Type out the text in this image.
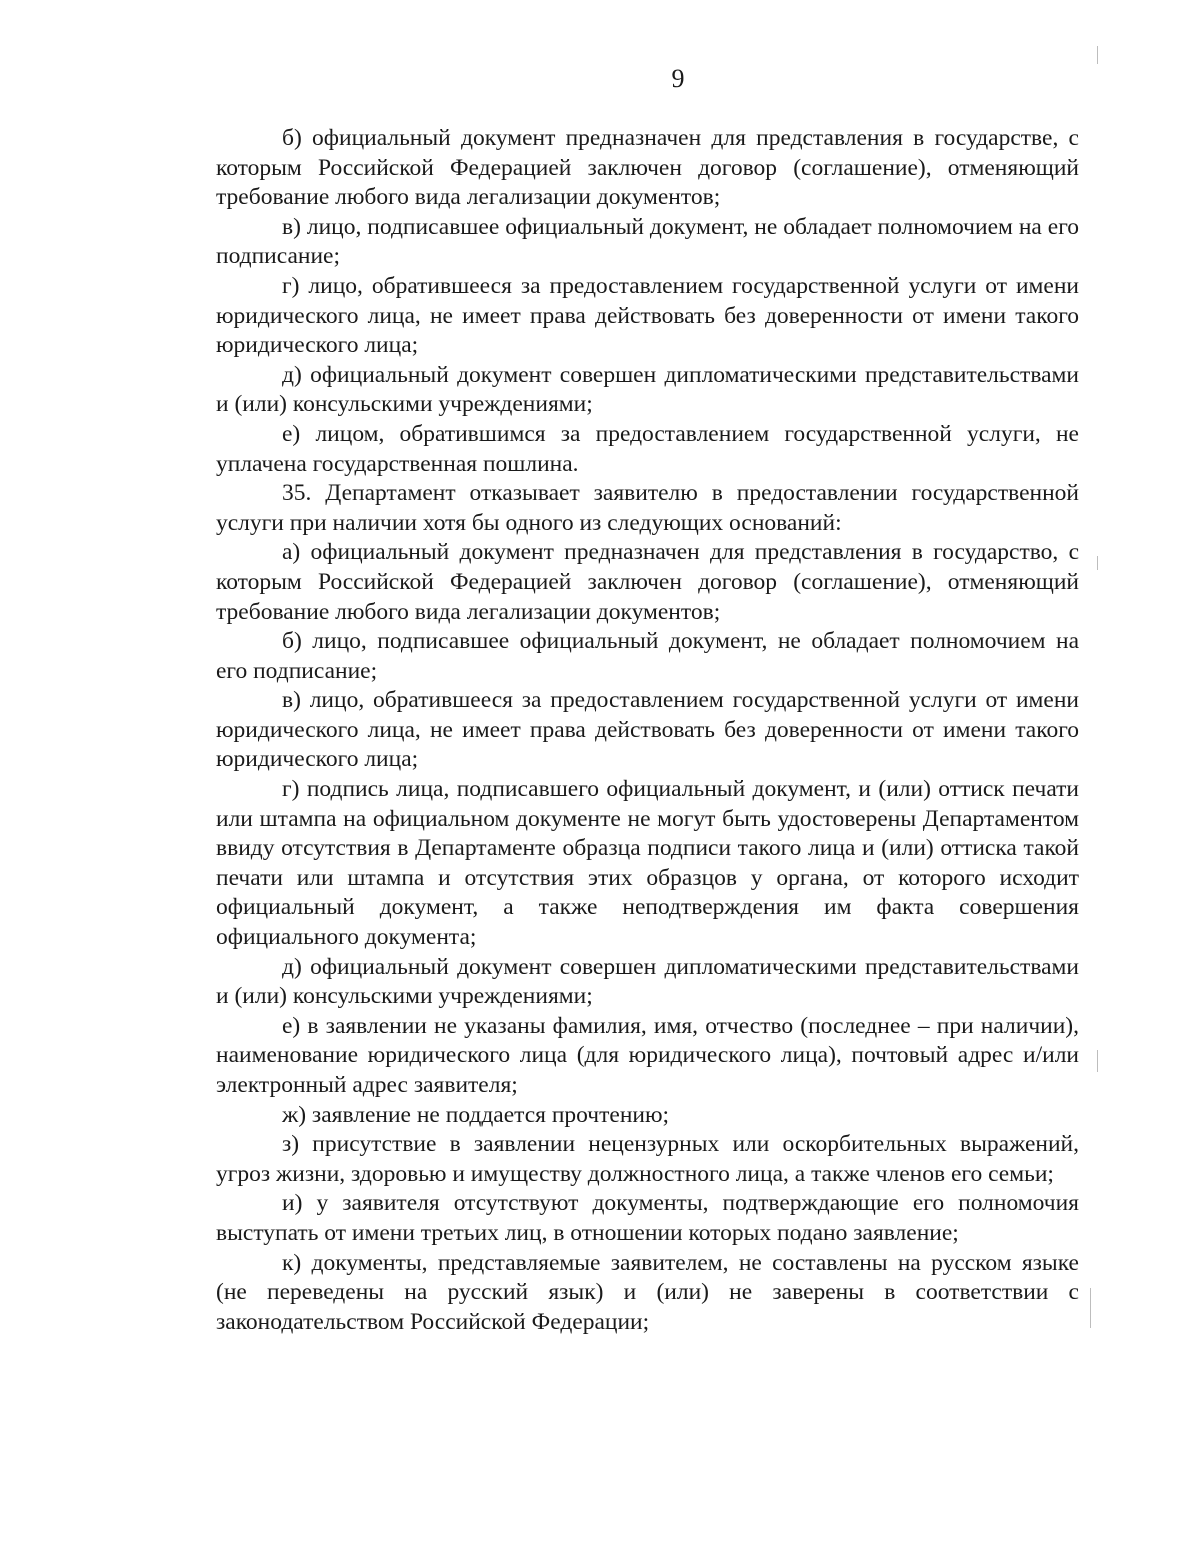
9

б) официальный документ предназначен для представления в государстве, с которым Российской Федерацией заключен договор (соглашение), отменяющий требование любого вида легализации документов;

в) лицо, подписавшее официальный документ, не обладает полномочием на его подписание;

г) лицо, обратившееся за предоставлением государственной услуги от имени юридического лица, не имеет права действовать без доверенности от имени такого юридического лица;

д) официальный документ совершен дипломатическими представительствами и (или) консульскими учреждениями;

е) лицом, обратившимся за предоставлением государственной услуги, не уплачена государственная пошлина.

35. Департамент отказывает заявителю в предоставлении государственной услуги при наличии хотя бы одного из следующих оснований:

а) официальный документ предназначен для представления в государство, с которым Российской Федерацией заключен договор (соглашение), отменяющий требование любого вида легализации документов;

б) лицо, подписавшее официальный документ, не обладает полномочием на его подписание;

в) лицо, обратившееся за предоставлением государственной услуги от имени юридического лица, не имеет права действовать без доверенности от имени такого юридического лица;

г) подпись лица, подписавшего официальный документ, и (или) оттиск печати или штампа на официальном документе не могут быть удостоверены Департаментом ввиду отсутствия в Департаменте образца подписи такого лица и (или) оттиска такой печати или штампа и отсутствия этих образцов у органа, от которого исходит официальный документ, а также неподтверждения им факта совершения официального документа;

д) официальный документ совершен дипломатическими представительствами и (или) консульскими учреждениями;

е) в заявлении не указаны фамилия, имя, отчество (последнее – при наличии), наименование юридического лица (для юридического лица), почтовый адрес и/или электронный адрес заявителя;

ж) заявление не поддается прочтению;

з) присутствие в заявлении нецензурных или оскорбительных выражений, угроз жизни, здоровью и имуществу должностного лица, а также членов его семьи;

и) у заявителя отсутствуют документы, подтверждающие его полномочия выступать от имени третьих лиц, в отношении которых подано заявление;

к) документы, представляемые заявителем, не составлены на русском языке (не переведены на русский язык) и (или) не заверены в соответствии с законодательством Российской Федерации;
